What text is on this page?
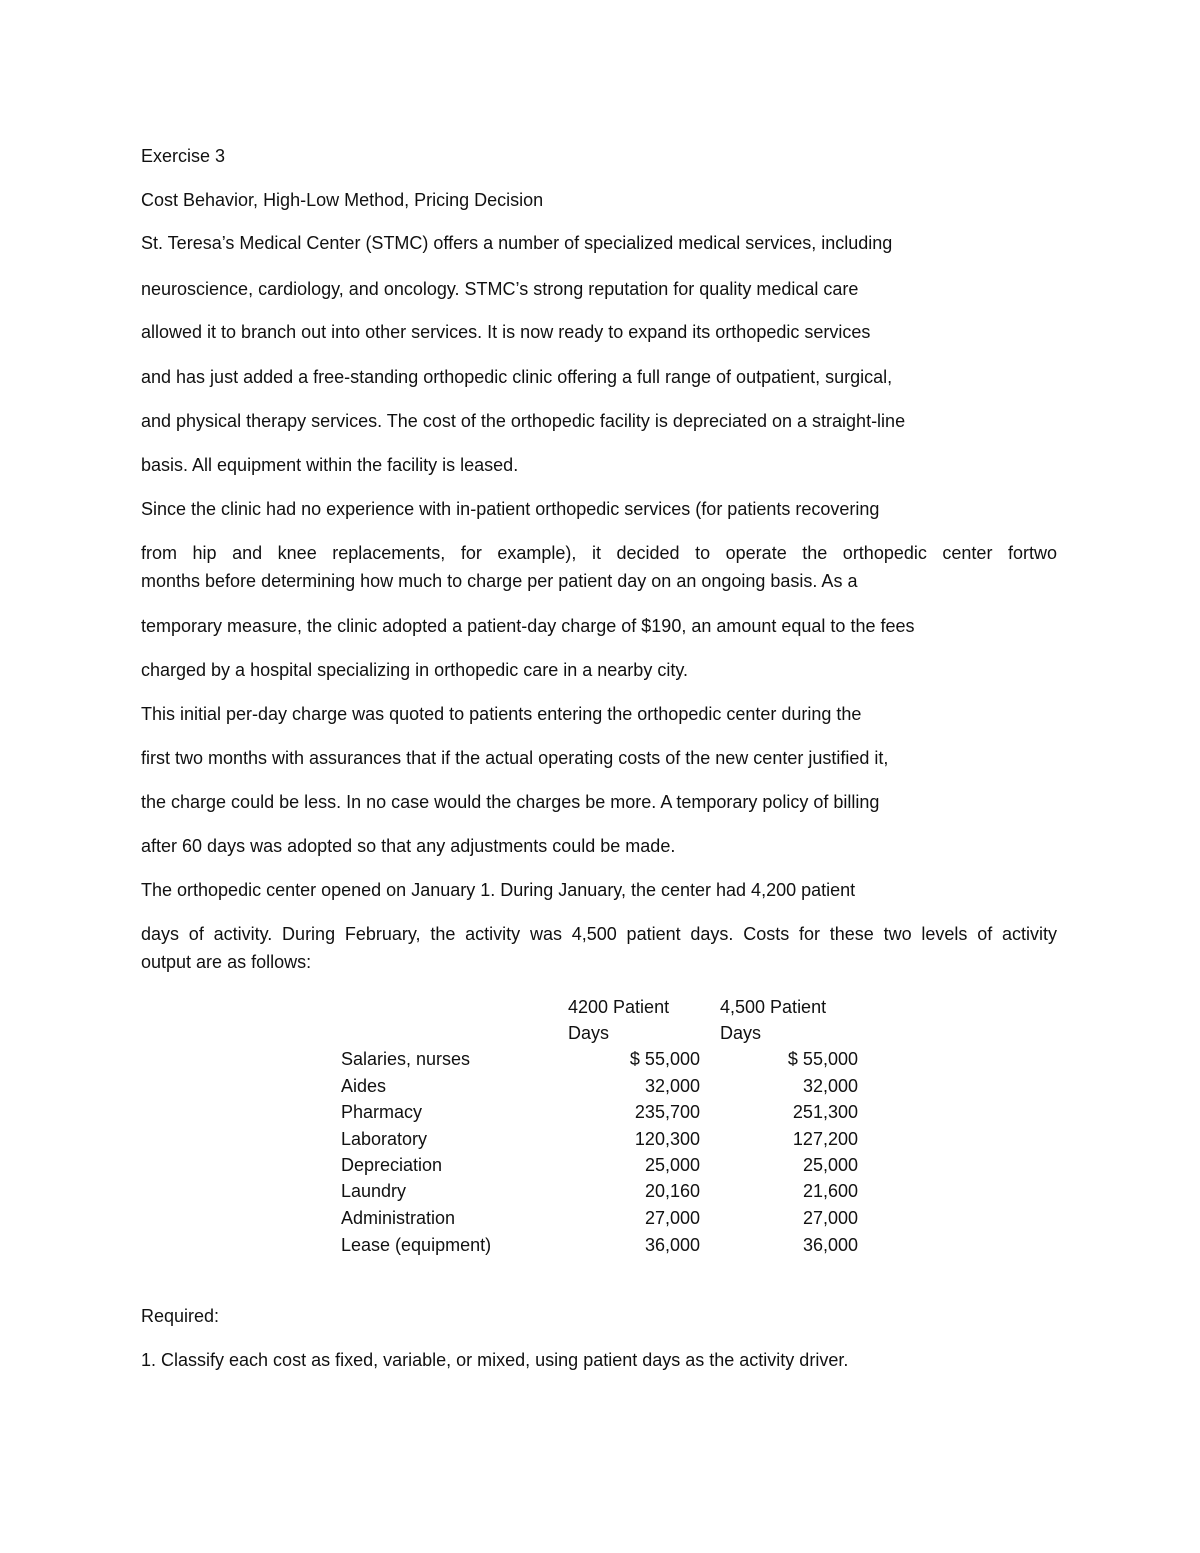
Exercise 3
Cost Behavior, High-Low Method, Pricing Decision
St. Teresa’s Medical Center (STMC) offers a number of specialized medical services, including
neuroscience, cardiology, and oncology. STMC’s strong reputation for quality medical care
allowed it to branch out into other services. It is now ready to expand its orthopedic services
and has just added a free-standing orthopedic clinic offering a full range of outpatient, surgical,
and physical therapy services. The cost of the orthopedic facility is depreciated on a straight-line
basis. All equipment within the facility is leased.
Since the clinic had no experience with in-patient orthopedic services (for patients recovering
from hip and knee replacements, for example), it decided to operate the orthopedic center fortwo
months before determining how much to charge per patient day on an ongoing basis. As a
temporary measure, the clinic adopted a patient-day charge of $190, an amount equal to the fees
charged by a hospital specializing in orthopedic care in a nearby city.
This initial per-day charge was quoted to patients entering the orthopedic center during the
first two months with assurances that if the actual operating costs of the new center justified it,
the charge could be less. In no case would the charges be more. A temporary policy of billing
after 60 days was adopted so that any adjustments could be made.
The orthopedic center opened on January 1. During January, the center had 4,200 patient
days of activity. During February, the activity was 4,500 patient days. Costs for these two levels of activity
output are as follows:
4200 Patient
Days
4,500 Patient
Days
Salaries, nurses	$ 55,000	$ 55,000
Aides	32,000	32,000
Pharmacy	235,700	251,300
Laboratory	120,300	127,200
Depreciation	25,000	25,000
Laundry	20,160	21,600
Administration	27,000	27,000
Lease (equipment)	36,000	36,000
Required:
1. Classify each cost as fixed, variable, or mixed, using patient days as the activity driver.
